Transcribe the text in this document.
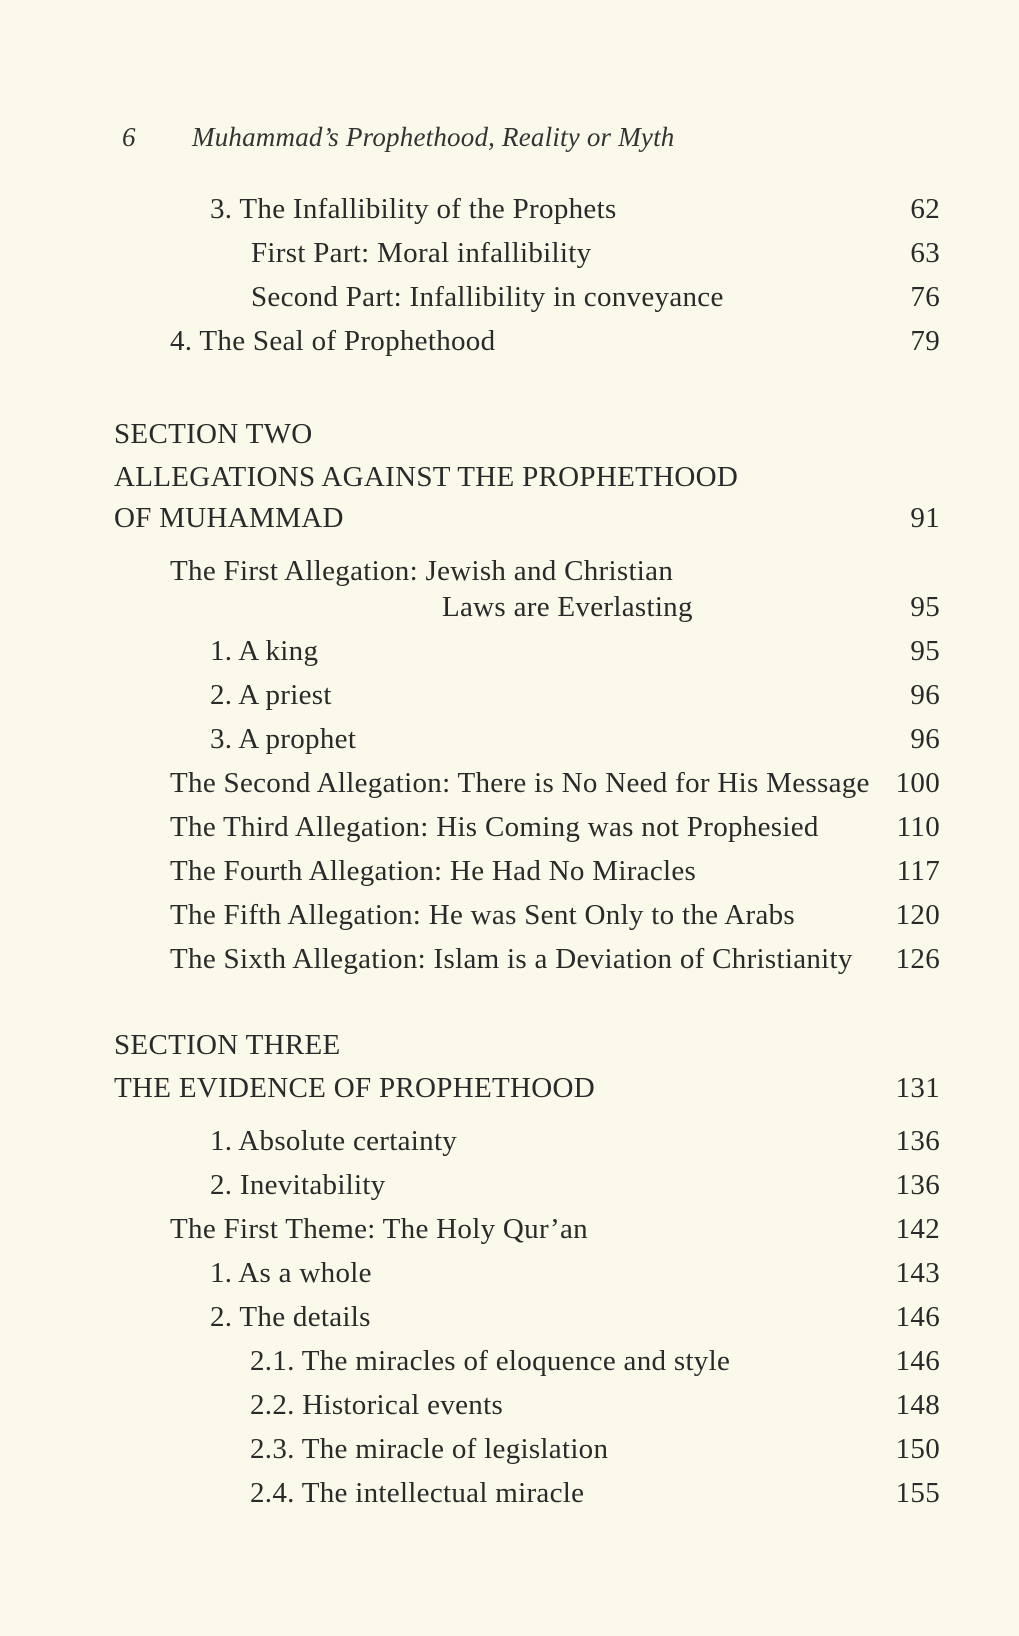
6 Muhammad’s Prophethood, Reality or Myth
3. The Infallibility of the Prophets	62
First Part: Moral infallibility	63
Second Part: Infallibility in conveyance	76
4. The Seal of Prophethood	79
SECTION TWO
ALLEGATIONS AGAINST THE PROPHETHOOD
OF MUHAMMAD	91
The First Allegation: Jewish and Christian
Laws are Everlasting	95
1. A king	95
2. A priest	96
3. A prophet	96
The Second Allegation: There is No Need for His Message 100
The Third Allegation: His Coming was not Prophesied	110
The Fourth Allegation: He Had No Miracles	117
The Fifth Allegation: He was Sent Only to the Arabs	120
The Sixth Allegation: Islam is a Deviation of Christianity 126
SECTION THREE
THE EVIDENCE OF PROPHETHOOD	131
1. Absolute certainty	136
2. Inevitability	136
The First Theme: The Holy Qur’an	142
1. As a whole	143
2. The details	146
2.1. The miracles of eloquence and style	146
2.2. Historical events	148
2.3. The miracle of legislation	150
2.4. The intellectual miracle	155
